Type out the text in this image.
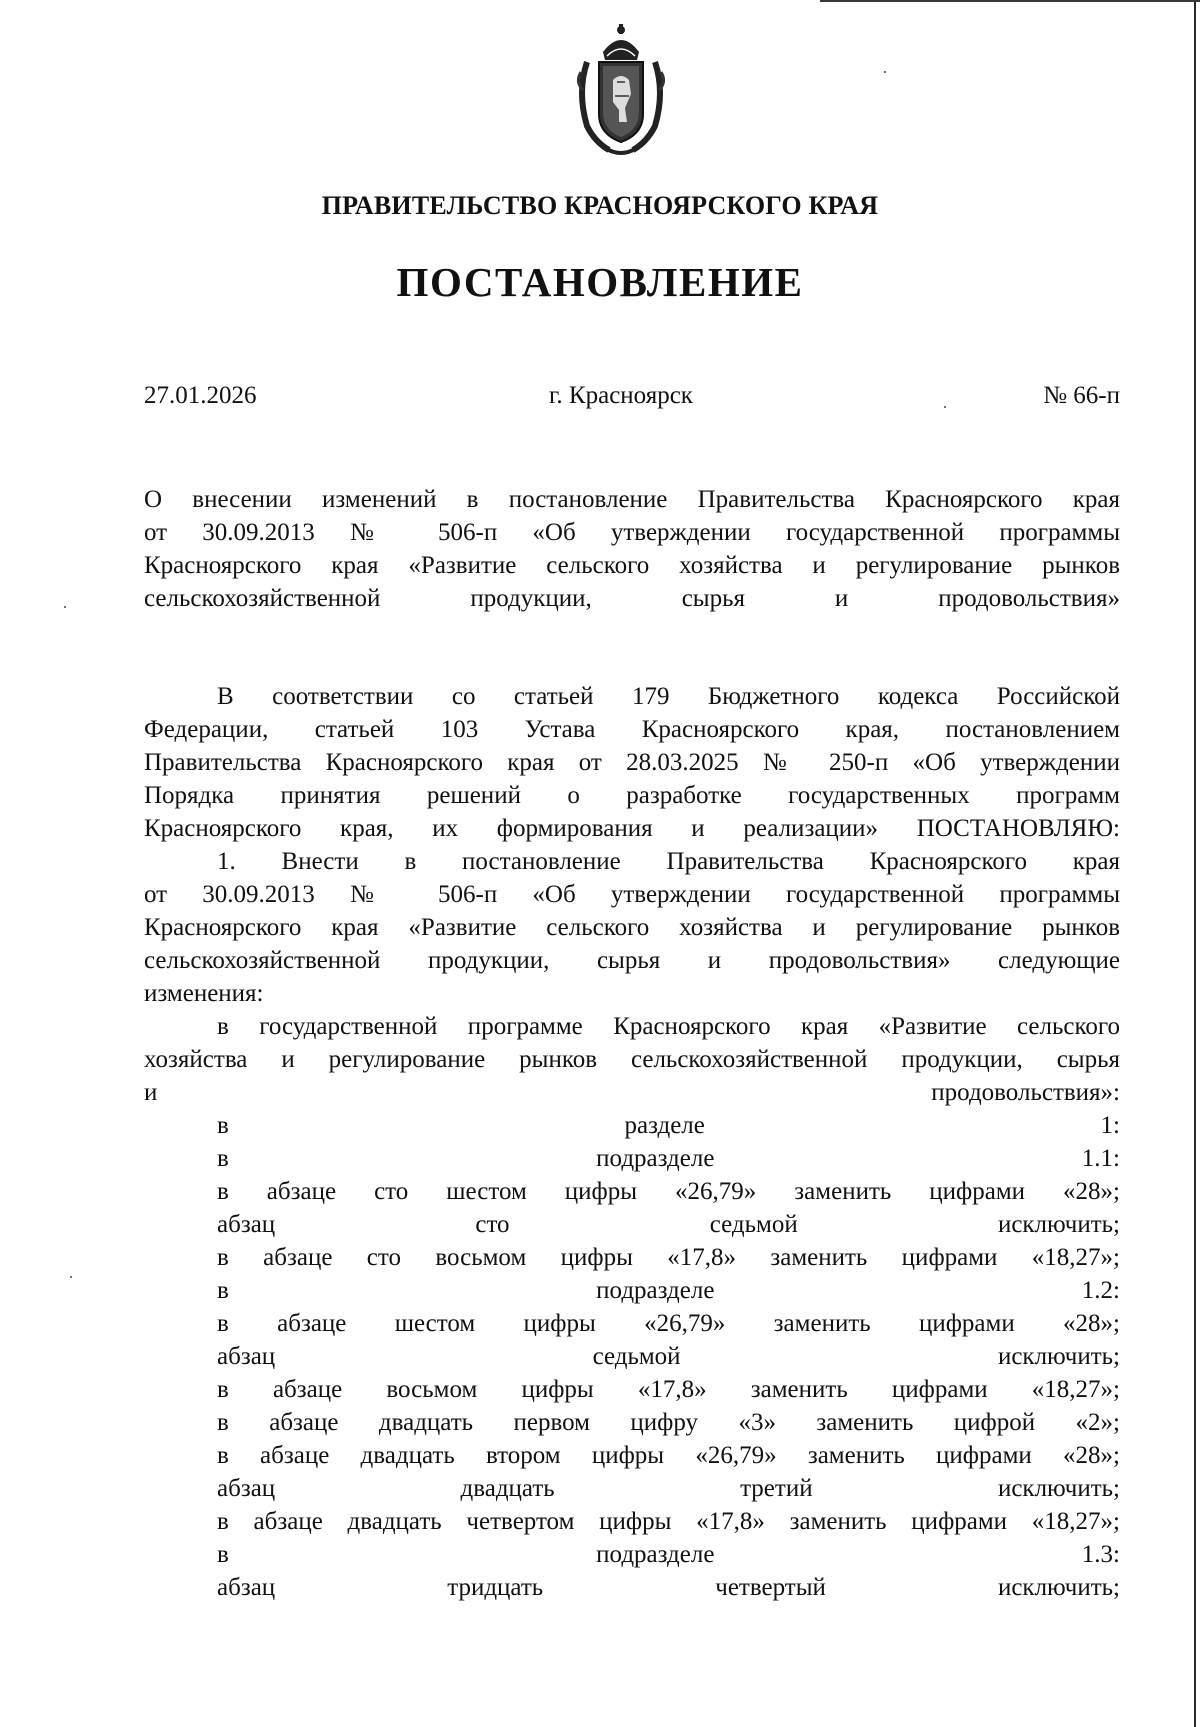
ПРАВИТЕЛЬСТВО КРАСНОЯРСКОГО КРАЯ
ПОСТАНОВЛЕНИЕ
27.01.2026	г. Красноярск	№ 66-п
О внесении изменений в постановление Правительства Красноярского края
от 30.09.2013 № 506-п «Об утверждении государственной программы
Красноярского края «Развитие сельского хозяйства и регулирование рынков
сельскохозяйственной продукции, сырья и продовольствия»
В соответствии со статьей 179 Бюджетного кодекса Российской
Федерации, статьей 103 Устава Красноярского края, постановлением
Правительства Красноярского края от 28.03.2025 № 250-п «Об утверждении
Порядка принятия решений о разработке государственных программ
Красноярского края, их формирования и реализации» ПОСТАНОВЛЯЮ:
1. Внести в постановление Правительства Красноярского края
от 30.09.2013 № 506-п «Об утверждении государственной программы
Красноярского края «Развитие сельского хозяйства и регулирование рынков
сельскохозяйственной продукции, сырья и продовольствия» следующие
изменения:
в государственной программе Красноярского края «Развитие сельского
хозяйства и регулирование рынков сельскохозяйственной продукции, сырья
и продовольствия»:
в разделе 1:
в подразделе 1.1:
в абзаце сто шестом цифры «26,79» заменить цифрами «28»;
абзац сто седьмой исключить;
в абзаце сто восьмом цифры «17,8» заменить цифрами «18,27»;
в подразделе 1.2:
в абзаце шестом цифры «26,79» заменить цифрами «28»;
абзац седьмой исключить;
в абзаце восьмом цифры «17,8» заменить цифрами «18,27»;
в абзаце двадцать первом цифру «3» заменить цифрой «2»;
в абзаце двадцать втором цифры «26,79» заменить цифрами «28»;
абзац двадцать третий исключить;
в абзаце двадцать четвертом цифры «17,8» заменить цифрами «18,27»;
в подразделе 1.3:
абзац тридцать четвертый исключить;
